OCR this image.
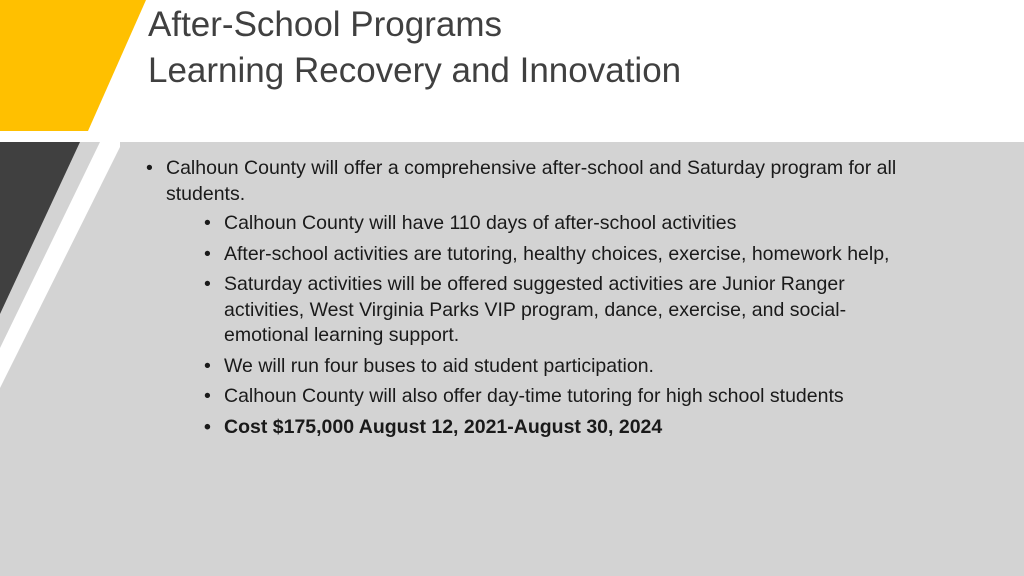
After-School Programs
Learning Recovery and Innovation
• Calhoun County will offer a comprehensive after-school and Saturday program for all students.
• Calhoun County will have 110 days of after-school activities
• After-school activities are tutoring, healthy choices, exercise, homework help,
• Saturday activities will be offered suggested activities are Junior Ranger activities, West Virginia Parks VIP program, dance, exercise, and social-emotional learning support.
• We will run four buses to aid student participation.
• Calhoun County will also offer day-time tutoring for high school students
• Cost $175,000 August 12, 2021-August 30, 2024
